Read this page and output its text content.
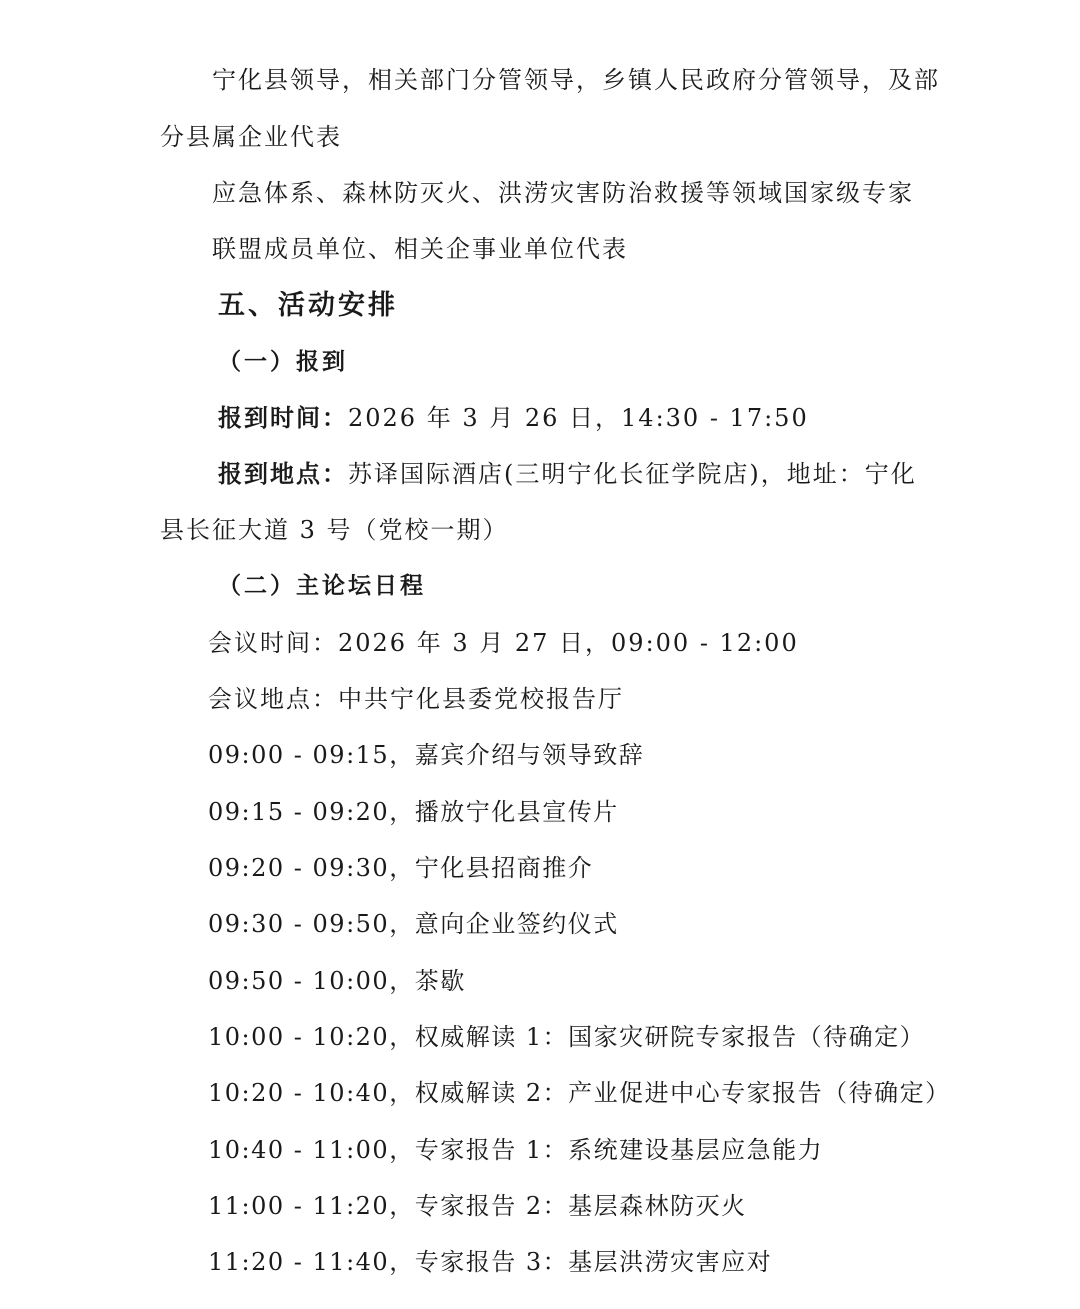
宁化县领导，相关部门分管领导，乡镇人民政府分管领导，及部
分县属企业代表
应急体系、森林防灭火、洪涝灾害防治救援等领域国家级专家
联盟成员单位、相关企事业单位代表
五、活动安排
（一）报到
报到时间：2026 年 3 月 26 日，14:30 - 17:50
报到地点：苏译国际酒店(三明宁化长征学院店)，地址：宁化
县长征大道 3 号（党校一期）
（二）主论坛日程
会议时间：2026 年 3 月 27 日，09:00 - 12:00
会议地点：中共宁化县委党校报告厅
09:00 - 09:15，嘉宾介绍与领导致辞
09:15 - 09:20，播放宁化县宣传片
09:20 - 09:30，宁化县招商推介
09:30 - 09:50，意向企业签约仪式
09:50 - 10:00，茶歇
10:00 - 10:20，权威解读 1：国家灾研院专家报告（待确定）
10:20 - 10:40，权威解读 2：产业促进中心专家报告（待确定）
10:40 - 11:00，专家报告 1：系统建设基层应急能力
11:00 - 11:20，专家报告 2：基层森林防灭火
11:20 - 11:40，专家报告 3：基层洪涝灾害应对
